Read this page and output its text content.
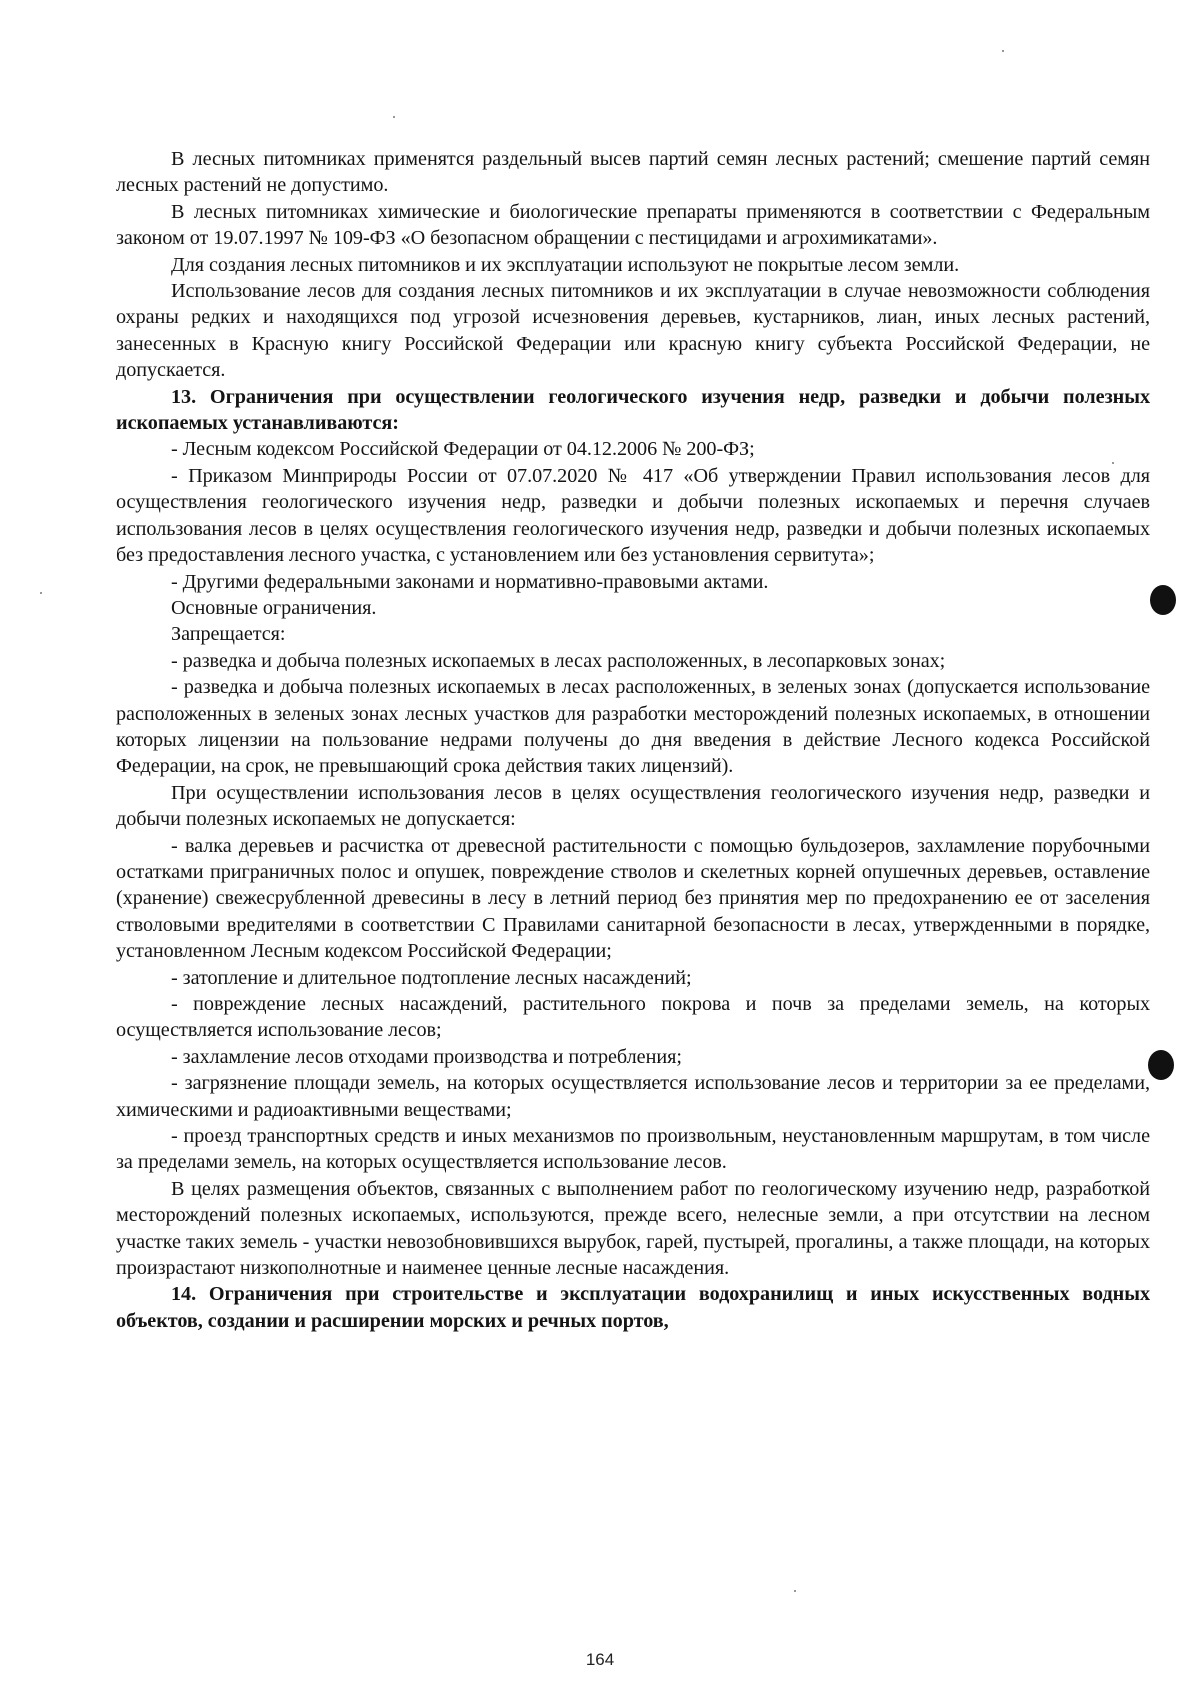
В лесных питомниках применятся раздельный высев партий семян лесных растений; смешение партий семян лесных растений не допустимо.

В лесных питомниках химические и биологические препараты применяются в соответствии с Федеральным законом от 19.07.1997 № 109-ФЗ «О безопасном обращении с пестицидами и агрохимикатами».

Для создания лесных питомников и их эксплуатации используют не покрытые лесом земли.

Использование лесов для создания лесных питомников и их эксплуатации в случае невозможности соблюдения охраны редких и находящихся под угрозой исчезновения деревьев, кустарников, лиан, иных лесных растений, занесенных в Красную книгу Российской Федерации или красную книгу субъекта Российской Федерации, не допускается.

13. Ограничения при осуществлении геологического изучения недр, разведки и добычи полезных ископаемых устанавливаются:

- Лесным кодексом Российской Федерации от 04.12.2006 № 200-ФЗ;

- Приказом Минприроды России от 07.07.2020 № 417 «Об утверждении Правил использования лесов для осуществления геологического изучения недр, разведки и добычи полезных ископаемых и перечня случаев использования лесов в целях осуществления геологического изучения недр, разведки и добычи полезных ископаемых без предоставления лесного участка, с установлением или без установления сервитута»;

- Другими федеральными законами и нормативно-правовыми актами.

Основные ограничения.

Запрещается:

- разведка и добыча полезных ископаемых в лесах расположенных, в лесопарковых зонах;

- разведка и добыча полезных ископаемых в лесах расположенных, в зеленых зонах (допускается использование расположенных в зеленых зонах лесных участков для разработки месторождений полезных ископаемых, в отношении которых лицензии на пользование недрами получены до дня введения в действие Лесного кодекса Российской Федерации, на срок, не превышающий срока действия таких лицензий).

При осуществлении использования лесов в целях осуществления геологического изучения недр, разведки и добычи полезных ископаемых не допускается:

- валка деревьев и расчистка от древесной растительности с помощью бульдозеров, захламление порубочными остатками приграничных полос и опушек, повреждение стволов и скелетных корней опушечных деревьев, оставление (хранение) свежесрубленной древесины в лесу в летний период без принятия мер по предохранению ее от заселения стволовыми вредителями в соответствии С Правилами санитарной безопасности в лесах, утвержденными в порядке, установленном Лесным кодексом Российской Федерации;

- затопление и длительное подтопление лесных насаждений;

- повреждение лесных насаждений, растительного покрова и почв за пределами земель, на которых осуществляется использование лесов;

- захламление лесов отходами производства и потребления;

- загрязнение площади земель, на которых осуществляется использование лесов и территории за ее пределами, химическими и радиоактивными веществами;

- проезд транспортных средств и иных механизмов по произвольным, неустановленным маршрутам, в том числе за пределами земель, на которых осуществляется использование лесов.

В целях размещения объектов, связанных с выполнением работ по геологическому изучению недр, разработкой месторождений полезных ископаемых, используются, прежде всего, нелесные земли, а при отсутствии на лесном участке таких земель - участки невозобновившихся вырубок, гарей, пустырей, прогалины, а также площади, на которых произрастают низкополнотные и наименее ценные лесные насаждения.

14. Ограничения при строительстве и эксплуатации водохранилищ и иных искусственных водных объектов, создании и расширении морских и речных портов,

164
